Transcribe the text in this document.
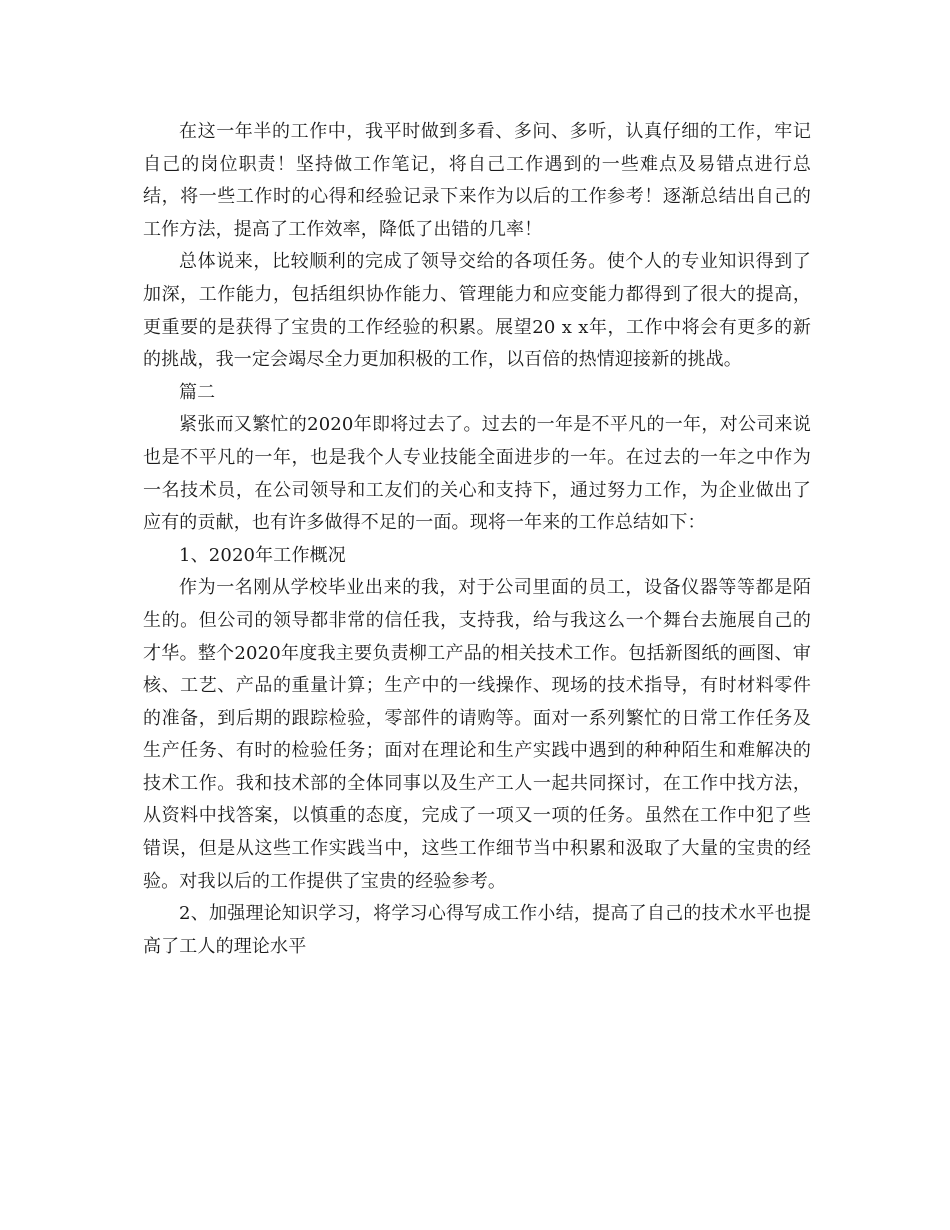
在这一年半的工作中，我平时做到多看、多问、多听，认真仔细的工作，牢记自己的岗位职责！坚持做工作笔记，将自己工作遇到的一些难点及易错点进行总结，将一些工作时的心得和经验记录下来作为以后的工作参考！逐渐总结出自己的工作方法，提高了工作效率，降低了出错的几率！

总体说来，比较顺利的完成了领导交给的各项任务。使个人的专业知识得到了加深，工作能力，包括组织协作能力、管理能力和应变能力都得到了很大的提高，更重要的是获得了宝贵的工作经验的积累。展望20 x x年，工作中将会有更多的新的挑战，我一定会竭尽全力更加积极的工作，以百倍的热情迎接新的挑战。

篇二

紧张而又繁忙的2020年即将过去了。过去的一年是不平凡的一年，对公司来说也是不平凡的一年，也是我个人专业技能全面进步的一年。在过去的一年之中作为一名技术员，在公司领导和工友们的关心和支持下，通过努力工作，为企业做出了应有的贡献，也有许多做得不足的一面。现将一年来的工作总结如下：

1、2020年工作概况

作为一名刚从学校毕业出来的我，对于公司里面的员工，设备仪器等等都是陌生的。但公司的领导都非常的信任我，支持我，给与我这么一个舞台去施展自己的才华。整个2020年度我主要负责柳工产品的相关技术工作。包括新图纸的画图、审核、工艺、产品的重量计算；生产中的一线操作、现场的技术指导，有时材料零件的准备，到后期的跟踪检验，零部件的请购等。面对一系列繁忙的日常工作任务及生产任务、有时的检验任务；面对在理论和生产实践中遇到的种种陌生和难解决的技术工作。我和技术部的全体同事以及生产工人一起共同探讨，在工作中找方法，从资料中找答案，以慎重的态度，完成了一项又一项的任务。虽然在工作中犯了些错误，但是从这些工作实践当中，这些工作细节当中积累和汲取了大量的宝贵的经验。对我以后的工作提供了宝贵的经验参考。

2、加强理论知识学习，将学习心得写成工作小结，提高了自己的技术水平也提高了工人的理论水平
